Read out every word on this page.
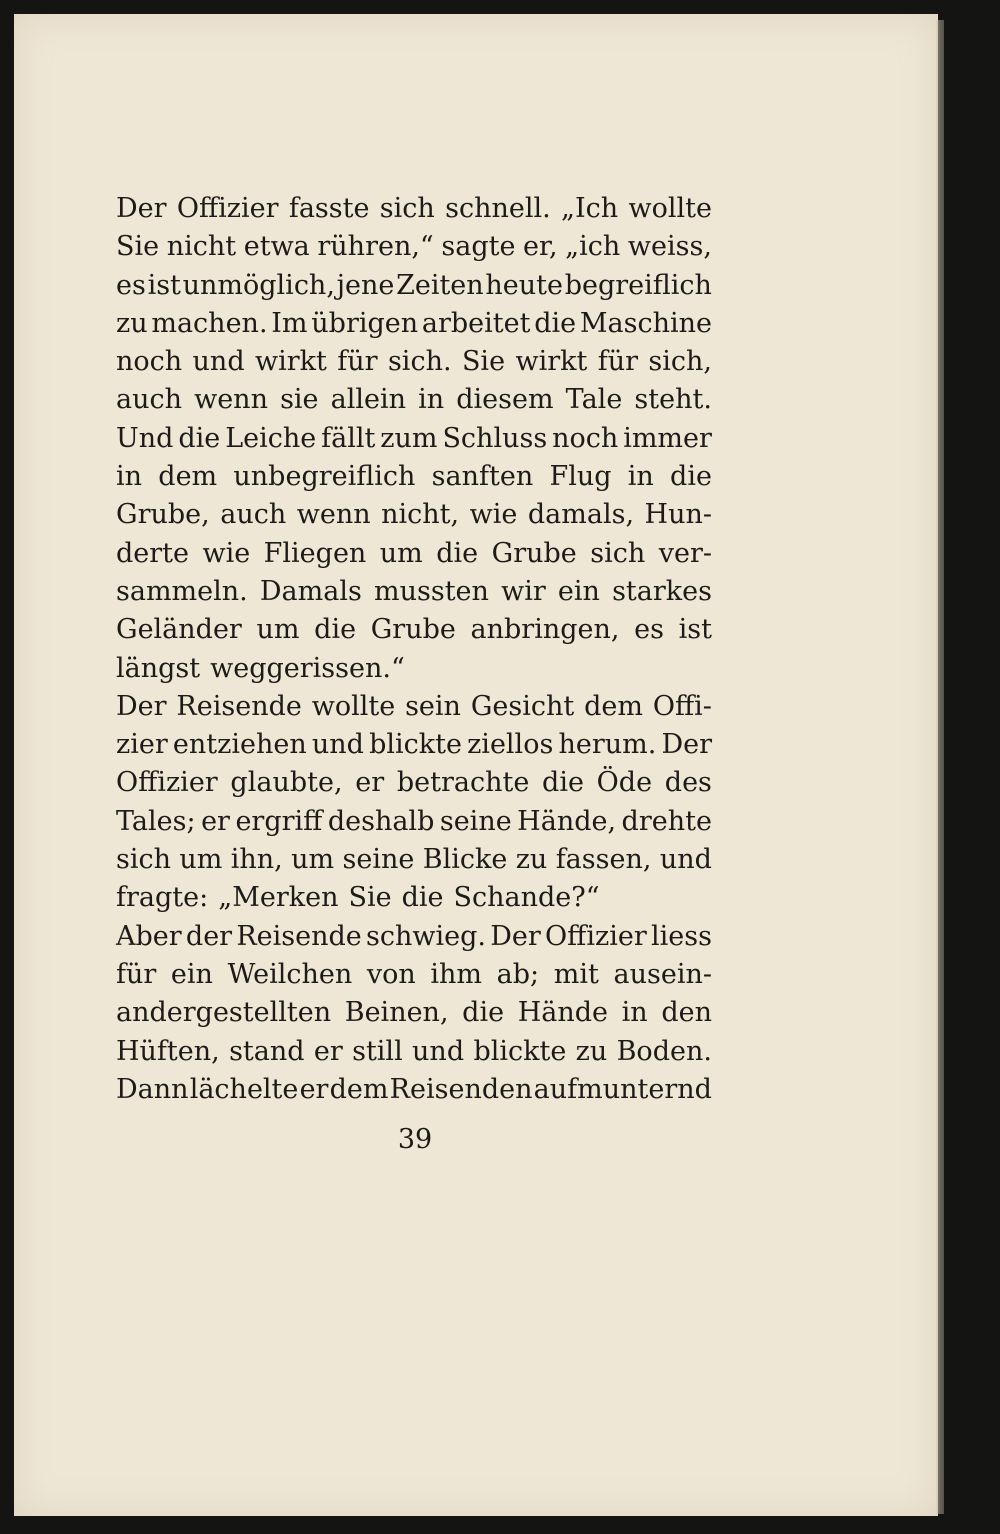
Der Offizier fasste sich schnell. „Ich wollte
Sie nicht etwa rühren,“ sagte er, „ich weiss,
es ist unmöglich, jene Zeiten heute begreiflich
zu machen. Im übrigen arbeitet die Maschine
noch und wirkt für sich. Sie wirkt für sich,
auch wenn sie allein in diesem Tale steht.
Und die Leiche fällt zum Schluss noch immer
in dem unbegreiflich sanften Flug in die
Grube, auch wenn nicht, wie damals, Hun-
derte wie Fliegen um die Grube sich ver-
sammeln. Damals mussten wir ein starkes
Geländer um die Grube anbringen, es ist
längst weggerissen.“
Der Reisende wollte sein Gesicht dem Offi-
zier entziehen und blickte ziellos herum. Der
Offizier glaubte, er betrachte die Öde des
Tales; er ergriff deshalb seine Hände, drehte
sich um ihn, um seine Blicke zu fassen, und
fragte: „Merken Sie die Schande?“
Aber der Reisende schwieg. Der Offizier liess
für ein Weilchen von ihm ab; mit ausein-
andergestellten Beinen, die Hände in den
Hüften, stand er still und blickte zu Boden.
Dann lächelte er dem Reisenden aufmunternd
39
